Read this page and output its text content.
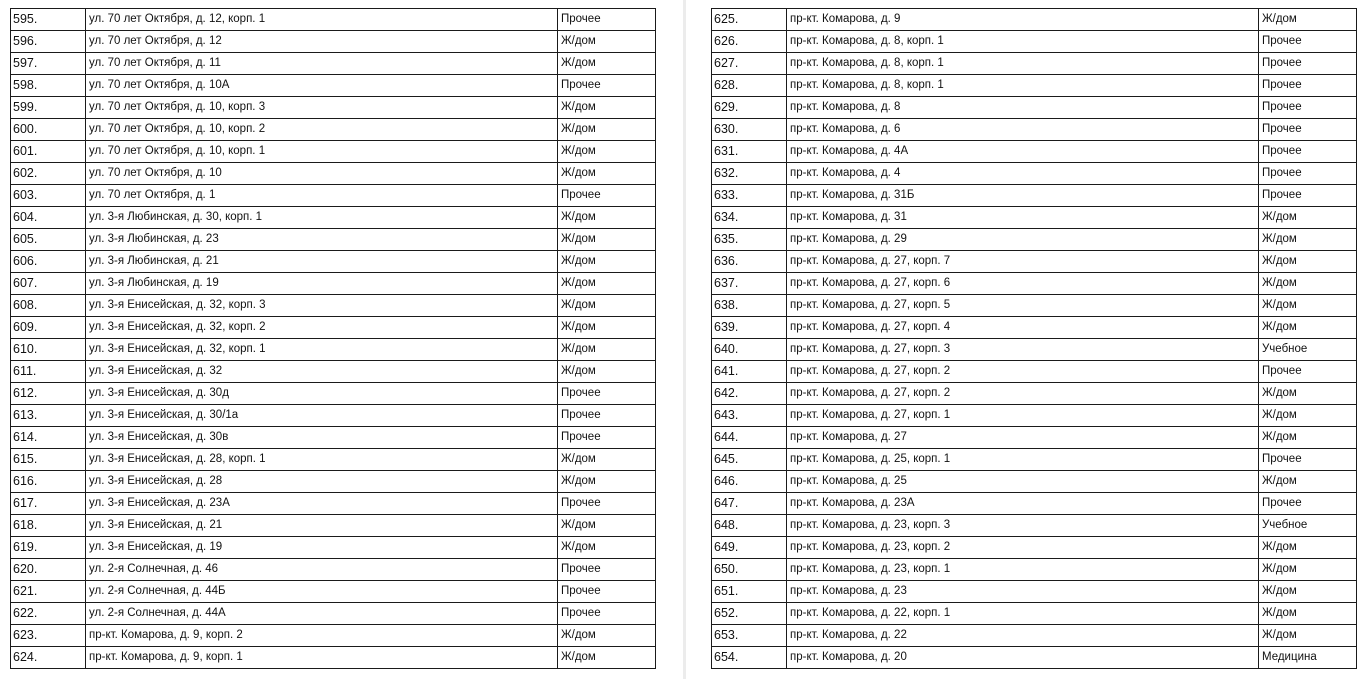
595.	ул. 70 лет Октября, д. 12, корп. 1	Прочее
596.	ул. 70 лет Октября, д. 12	Ж/дом
597.	ул. 70 лет Октября, д. 11	Ж/дом
598.	ул. 70 лет Октября, д. 10А	Прочее
599.	ул. 70 лет Октября, д. 10, корп. 3	Ж/дом
600.	ул. 70 лет Октября, д. 10, корп. 2	Ж/дом
601.	ул. 70 лет Октября, д. 10, корп. 1	Ж/дом
602.	ул. 70 лет Октября, д. 10	Ж/дом
603.	ул. 70 лет Октября, д. 1	Прочее
604.	ул. 3-я Любинская, д. 30, корп. 1	Ж/дом
605.	ул. 3-я Любинская, д. 23	Ж/дом
606.	ул. 3-я Любинская, д. 21	Ж/дом
607.	ул. 3-я Любинская, д. 19	Ж/дом
608.	ул. 3-я Енисейская, д. 32, корп. 3	Ж/дом
609.	ул. 3-я Енисейская, д. 32, корп. 2	Ж/дом
610.	ул. 3-я Енисейская, д. 32, корп. 1	Ж/дом
611.	ул. 3-я Енисейская, д. 32	Ж/дом
612.	ул. 3-я Енисейская, д. 30д	Прочее
613.	ул. 3-я Енисейская, д. 30/1а	Прочее
614.	ул. 3-я Енисейская, д. 30в	Прочее
615.	ул. 3-я Енисейская, д. 28, корп. 1	Ж/дом
616.	ул. 3-я Енисейская, д. 28	Ж/дом
617.	ул. 3-я Енисейская, д. 23А	Прочее
618.	ул. 3-я Енисейская, д. 21	Ж/дом
619.	ул. 3-я Енисейская, д. 19	Ж/дом
620.	ул. 2-я Солнечная, д. 46	Прочее
621.	ул. 2-я Солнечная, д. 44Б	Прочее
622.	ул. 2-я Солнечная, д. 44А	Прочее
623.	пр-кт. Комарова, д. 9, корп. 2	Ж/дом
624.	пр-кт. Комарова, д. 9, корп. 1	Ж/дом
625.	пр-кт. Комарова, д. 9	Ж/дом
626.	пр-кт. Комарова, д. 8, корп. 1	Прочее
627.	пр-кт. Комарова, д. 8, корп. 1	Прочее
628.	пр-кт. Комарова, д. 8, корп. 1	Прочее
629.	пр-кт. Комарова, д. 8	Прочее
630.	пр-кт. Комарова, д. 6	Прочее
631.	пр-кт. Комарова, д. 4А	Прочее
632.	пр-кт. Комарова, д. 4	Прочее
633.	пр-кт. Комарова, д. 31Б	Прочее
634.	пр-кт. Комарова, д. 31	Ж/дом
635.	пр-кт. Комарова, д. 29	Ж/дом
636.	пр-кт. Комарова, д. 27, корп. 7	Ж/дом
637.	пр-кт. Комарова, д. 27, корп. 6	Ж/дом
638.	пр-кт. Комарова, д. 27, корп. 5	Ж/дом
639.	пр-кт. Комарова, д. 27, корп. 4	Ж/дом
640.	пр-кт. Комарова, д. 27, корп. 3	Учебное
641.	пр-кт. Комарова, д. 27, корп. 2	Прочее
642.	пр-кт. Комарова, д. 27, корп. 2	Ж/дом
643.	пр-кт. Комарова, д. 27, корп. 1	Ж/дом
644.	пр-кт. Комарова, д. 27	Ж/дом
645.	пр-кт. Комарова, д. 25, корп. 1	Прочее
646.	пр-кт. Комарова, д. 25	Ж/дом
647.	пр-кт. Комарова, д. 23А	Прочее
648.	пр-кт. Комарова, д. 23, корп. 3	Учебное
649.	пр-кт. Комарова, д. 23, корп. 2	Ж/дом
650.	пр-кт. Комарова, д. 23, корп. 1	Ж/дом
651.	пр-кт. Комарова, д. 23	Ж/дом
652.	пр-кт. Комарова, д. 22, корп. 1	Ж/дом
653.	пр-кт. Комарова, д. 22	Ж/дом
654.	пр-кт. Комарова, д. 20	Медицина
